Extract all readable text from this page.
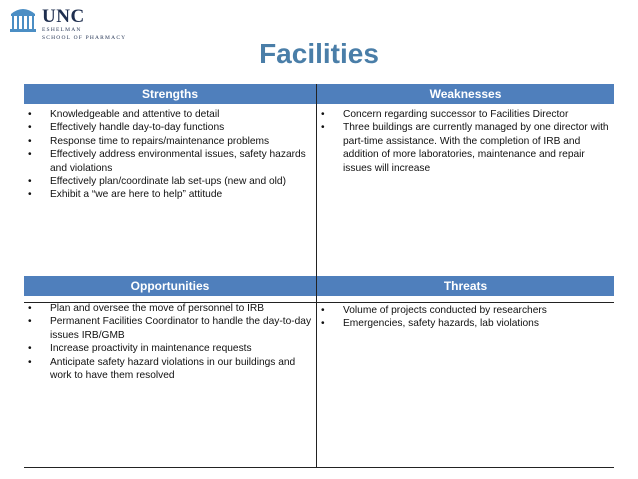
UNC
ESHELMAN
SCHOOL OF PHARMACY
Facilities
Strengths	Weaknesses
Opportunities	Threats
• Knowledgeable and attentive to detail
• Effectively handle day-to-day functions
• Response time to repairs/maintenance problems
• Effectively address environmental issues, safety hazards and violations
• Effectively plan/coordinate lab set-ups (new and old)
• Exhibit a “we are here to help” attitude
• Concern regarding successor to Facilities Director
• Three buildings are currently managed by one director with part-time assistance. With the completion of IRB and addition of more laboratories, maintenance and repair issues will increase
• Plan and oversee the move of personnel to IRB
• Permanent Facilities Coordinator to handle the day-to-day issues IRB/GMB
• Increase proactivity in maintenance requests
• Anticipate safety hazard violations in our buildings and work to have them resolved
• Volume of projects conducted by researchers
• Emergencies, safety hazards, lab violations
